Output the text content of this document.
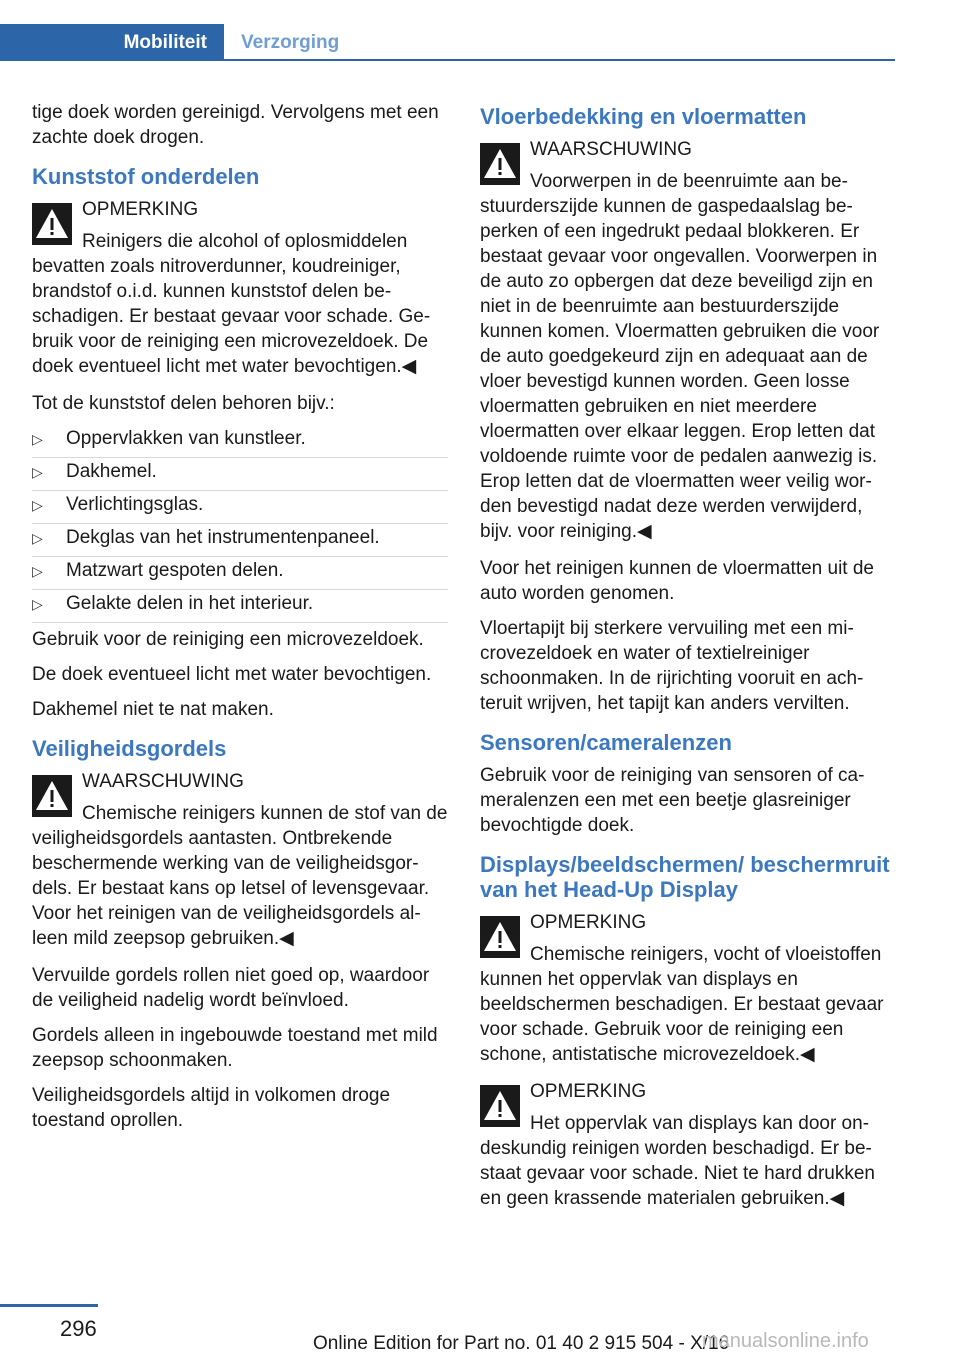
Mobiliteit	Verzorging

tige doek worden gereinigd. Vervolgens met een zachte doek drogen.

Kunststof onderdelen
OPMERKING
Reinigers die alcohol of oplosmiddelen bevatten zoals nitroverdunner, koudreiniger, brandstof o.i.d. kunnen kunststof delen beschadigen. Er bestaat gevaar voor schade. Gebruik voor de reiniging een microvezeldoek. De doek eventueel licht met water bevochtigen.◀

Tot de kunststof delen behoren bijv.:

▷ Oppervlakken van kunstleer.
▷ Dakhemel.
▷ Verlichtingsglas.
▷ Dekglas van het instrumentenpaneel.
▷ Matzwart gespoten delen.
▷ Gelakte delen in het interieur.

Gebruik voor de reiniging een microvezeldoek.

De doek eventueel licht met water bevochtigen.

Dakhemel niet te nat maken.

Veiligheidsgordels
WAARSCHUWING
Chemische reinigers kunnen de stof van de veiligheidsgordels aantasten. Ontbrekende beschermende werking van de veiligheidsgordels. Er bestaat kans op letsel of levensgevaar. Voor het reinigen van de veiligheidsgordels alleen mild zeepsop gebruiken.◀

Vervuilde gordels rollen niet goed op, waardoor de veiligheid nadelig wordt beïnvloed.

Gordels alleen in ingebouwde toestand met mild zeepsop schoonmaken.

Veiligheidsgordels altijd in volkomen droge toestand oprollen.

Vloerbedekking en vloermatten
WAARSCHUWING
Voorwerpen in de beenruimte aan bestuurderszijde kunnen de gaspedaalslag beperken of een ingedrukt pedaal blokkeren. Er bestaat gevaar voor ongevallen. Voorwerpen in de auto zo opbergen dat deze beveiligd zijn en niet in de beenruimte aan bestuurderszijde kunnen komen. Vloermatten gebruiken die voor de auto goedgekeurd zijn en adequaat aan de vloer bevestigd kunnen worden. Geen losse vloermatten gebruiken en niet meerdere vloermatten over elkaar leggen. Erop letten dat voldoende ruimte voor de pedalen aanwezig is. Erop letten dat de vloermatten weer veilig worden bevestigd nadat deze werden verwijderd, bijv. voor reiniging.◀

Voor het reinigen kunnen de vloermatten uit de auto worden genomen.

Vloertapijt bij sterkere vervuiling met een microvezeldoek en water of textielreiniger schoonmaken. In de rijrichting vooruit en achteruit wrijven, het tapijt kan anders vervilten.

Sensoren/cameralenzen

Gebruik voor de reiniging van sensoren of cameralenzen een met een beetje glasreiniger bevochtigde doek.

Displays/beeldschermen/ beschermruit van het Head-Up Display
OPMERKING
Chemische reinigers, vocht of vloeistoffen kunnen het oppervlak van displays en beeldschermen beschadigen. Er bestaat gevaar voor schade. Gebruik voor de reiniging een schone, antistatische microvezeldoek.◀
OPMERKING
Het oppervlak van displays kan door ondeskundig reinigen worden beschadigd. Er bestaat gevaar voor schade. Niet te hard drukken en geen krassende materialen gebruiken.◀
296
Online Edition for Part no. 01 40 2 915 504 - X/16
manualsonline.info
